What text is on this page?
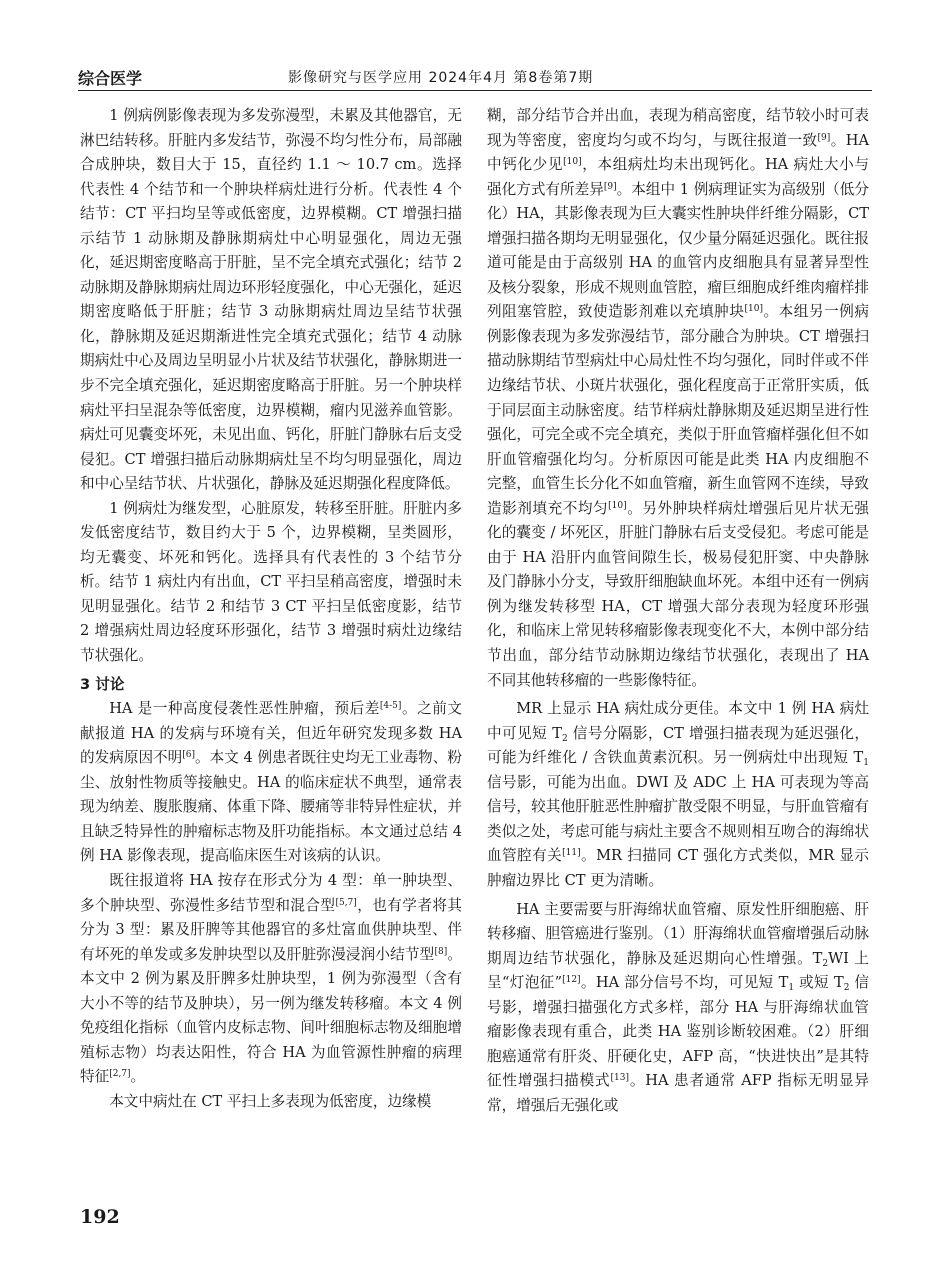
综合医学	影像研究与医学应用 2024年4月 第8卷第7期

1 例病例影像表现为多发弥漫型，未累及其他器官，无淋巴结转移。肝脏内多发结节，弥漫不均匀性分布，局部融合成肿块，数目大于 15，直径约 1.1 ～ 10.7 cm。选择代表性 4 个结节和一个肿块样病灶进行分析。代表性 4 个结节：CT 平扫均呈等或低密度，边界模糊。CT 增强扫描示结节 1 动脉期及静脉期病灶中心明显强化，周边无强化，延迟期密度略高于肝脏，呈不完全填充式强化；结节 2 动脉期及静脉期病灶周边环形轻度强化，中心无强化，延迟期密度略低于肝脏；结节 3 动脉期病灶周边呈结节状强化，静脉期及延迟期渐进性完全填充式强化；结节 4 动脉期病灶中心及周边呈明显小片状及结节状强化，静脉期进一步不完全填充强化，延迟期密度略高于肝脏。另一个肿块样病灶平扫呈混杂等低密度，边界模糊，瘤内见滋养血管影。病灶可见囊变坏死，未见出血、钙化，肝脏门静脉右后支受侵犯。CT 增强扫描后动脉期病灶呈不均匀明显强化，周边和中心呈结节状、片状强化，静脉及延迟期强化程度降低。

1 例病灶为继发型，心脏原发，转移至肝脏。肝脏内多发低密度结节，数目约大于 5 个，边界模糊，呈类圆形，均无囊变、坏死和钙化。选择具有代表性的 3 个结节分析。结节 1 病灶内有出血，CT 平扫呈稍高密度，增强时未见明显强化。结节 2 和结节 3 CT 平扫呈低密度影，结节 2 增强病灶周边轻度环形强化，结节 3 增强时病灶边缘结节状强化。

3 讨论

HA 是一种高度侵袭性恶性肿瘤，预后差[4-5]。之前文献报道 HA 的发病与环境有关，但近年研究发现多数 HA 的发病原因不明[6]。本文 4 例患者既往史均无工业毒物、粉尘、放射性物质等接触史。HA 的临床症状不典型，通常表现为纳差、腹胀腹痛、体重下降、腰痛等非特异性症状，并且缺乏特异性的肿瘤标志物及肝功能指标。本文通过总结 4 例 HA 影像表现，提高临床医生对该病的认识。

既往报道将 HA 按存在形式分为 4 型：单一肿块型、多个肿块型、弥漫性多结节型和混合型[5,7]，也有学者将其分为 3 型：累及肝脾等其他器官的多灶富血供肿块型、伴有坏死的单发或多发肿块型以及肝脏弥漫浸润小结节型[8]。本文中 2 例为累及肝脾多灶肿块型，1 例为弥漫型（含有大小不等的结节及肿块），另一例为继发转移瘤。本文 4 例免疫组化指标（血管内皮标志物、间叶细胞标志物及细胞增殖标志物）均表达阳性，符合 HA 为血管源性肿瘤的病理特征[2,7]。

本文中病灶在 CT 平扫上多表现为低密度，边缘模

糊，部分结节合并出血，表现为稍高密度，结节较小时可表现为等密度，密度均匀或不均匀，与既往报道一致[9]。HA 中钙化少见[10]，本组病灶均未出现钙化。HA 病灶大小与强化方式有所差异[9]。本组中 1 例病理证实为高级别（低分化）HA，其影像表现为巨大囊实性肿块伴纤维分隔影，CT 增强扫描各期均无明显强化，仅少量分隔延迟强化。既往报道可能是由于高级别 HA 的血管内皮细胞具有显著异型性及核分裂象，形成不规则血管腔，瘤巨细胞成纤维肉瘤样排列阻塞管腔，致使造影剂难以充填肿块[10]。本组另一例病例影像表现为多发弥漫结节，部分融合为肿块。CT 增强扫描动脉期结节型病灶中心局灶性不均匀强化，同时伴或不伴边缘结节状、小斑片状强化，强化程度高于正常肝实质，低于同层面主动脉密度。结节样病灶静脉期及延迟期呈进行性强化，可完全或不完全填充，类似于肝血管瘤样强化但不如肝血管瘤强化均匀。分析原因可能是此类 HA 内皮细胞不完整，血管生长分化不如血管瘤，新生血管网不连续，导致造影剂填充不均匀[10]。另外肿块样病灶增强后见片状无强化的囊变 / 坏死区，肝脏门静脉右后支受侵犯。考虑可能是由于 HA 沿肝内血管间隙生长，极易侵犯肝窦、中央静脉及门静脉小分支，导致肝细胞缺血坏死。本组中还有一例病例为继发转移型 HA，CT 增强大部分表现为轻度环形强化，和临床上常见转移瘤影像表现变化不大，本例中部分结节出血，部分结节动脉期边缘结节状强化，表现出了 HA 不同其他转移瘤的一些影像特征。

MR 上显示 HA 病灶成分更佳。本文中 1 例 HA 病灶中可见短 $T_2$ 信号分隔影，CT 增强扫描表现为延迟强化，可能为纤维化 / 含铁血黄素沉积。另一例病灶中出现短 $T_1$ 信号影，可能为出血。DWI 及 ADC 上 HA 可表现为等高信号，较其他肝脏恶性肿瘤扩散受限不明显，与肝血管瘤有类似之处，考虑可能与病灶主要含不规则相互吻合的海绵状血管腔有关[11]。MR 扫描同 CT 强化方式类似，MR 显示肿瘤边界比 CT 更为清晰。

HA 主要需要与肝海绵状血管瘤、原发性肝细胞癌、肝转移瘤、胆管癌进行鉴别。（1）肝海绵状血管瘤增强后动脉期周边结节状强化，静脉及延迟期向心性增强。$T_2WI$ 上呈“灯泡征”[12]。HA 部分信号不均，可见短 $T_1$ 或短 $T_2$ 信号影，增强扫描强化方式多样，部分 HA 与肝海绵状血管瘤影像表现有重合，此类 HA 鉴别诊断较困难。（2）肝细胞癌通常有肝炎、肝硬化史，AFP 高，“快进快出”是其特征性增强扫描模式[13]。HA 患者通常 AFP 指标无明显异常，增强后无强化或

192
